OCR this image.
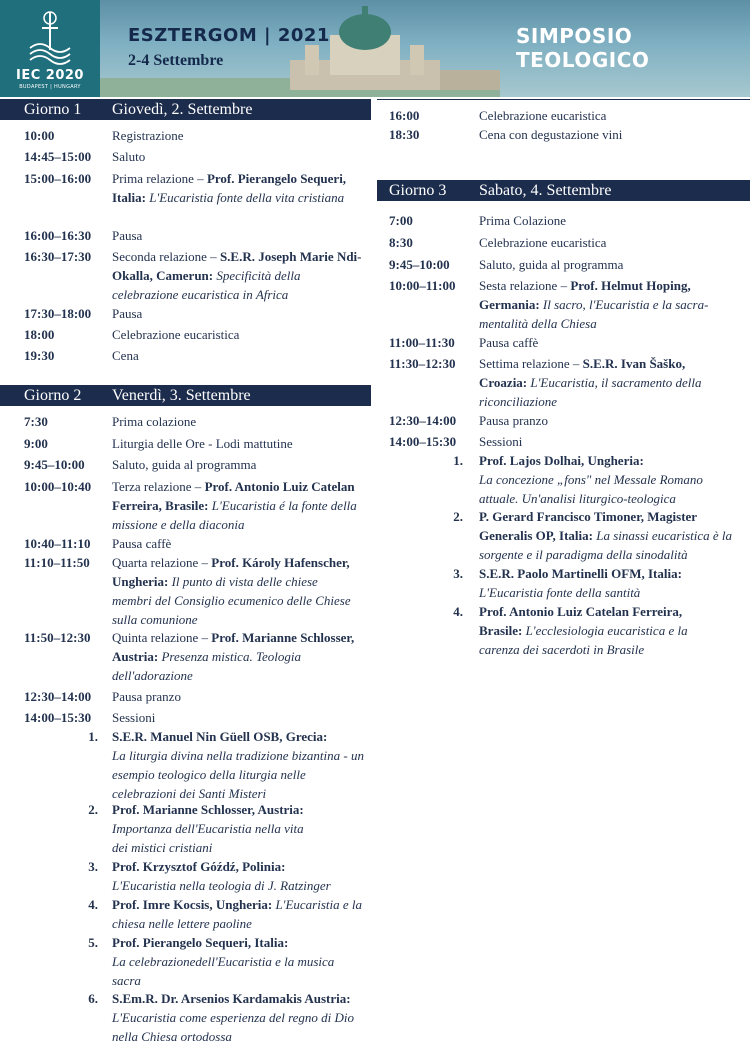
IEC 2020
BUDAPEST | HUNGARY
ESZTERGOM | 2021
2-4 Settembre
SIMPOSIO
TEOLOGICO
Giorno 1 Giovedì, 2. Settembre
10:00	Registrazione
14:45–15:00 Saluto
15:00–16:00 Prima relazione – Prof. Pierangelo Sequeri, Italia: L'Eucaristia fonte della vita cristiana
16:00–16:30 Pausa
16:30–17:30 Seconda relazione – S.E.R. Joseph Marie Ndi-Okalla, Camerun: Specificità della celebrazione eucaristica in Africa
17:30–18:00 Pausa
18:00	Celebrazione eucaristica
19:30	Cena
Giorno 2 Venerdì, 3. Settembre
7:30	Prima colazione
9:00	Liturgia delle Ore - Lodi mattutine
9:45–10:00 Saluto, guida al programma
10:00–10:40 Terza relazione – Prof. Antonio Luiz Catelan Ferreira, Brasile: L'Eucaristia é la fonte della missione e della diaconia
10:40–11:10 Pausa caffè
11:10–11:50 Quarta relazione – Prof. Károly Hafenscher, Ungheria: Il punto di vista delle chiese membri del Consiglio ecumenico delle Chiese sulla comunione
11:50–12:30 Quinta relazione – Prof. Marianne Schlosser, Austria: Presenza mistica. Teologia dell'adorazione
12:30–14:00 Pausa pranzo
14:00–15:30 Sessioni
1. S.E.R. Manuel Nin Güell OSB, Grecia:
La liturgia divina nella tradizione bizantina - un esempio teologico della liturgia nelle celebrazioni dei Santi Misteri
2. Prof. Marianne Schlosser, Austria:
Importanza dell'Eucaristia nella vita dei mistici cristiani
3. Prof. Krzysztof Góźdź, Polinia:
L'Eucaristia nella teologia di J. Ratzinger
4. Prof. Imre Kocsis, Ungheria: L'Eucaristia e la chiesa nelle lettere paoline
5. Prof. Pierangelo Sequeri, Italia:
La celebrazionedell'Eucaristia e la musica sacra
6. S.Em.R. Dr. Arsenios Kardamakis Austria:
L'Eucaristia come esperienza del regno di Dio nella Chiesa ortodossa
16:00	Celebrazione eucaristica
18:30	Cena con degustazione vini
Giorno 3 Sabato, 4. Settembre
7:00	Prima Colazione
8:30	Celebrazione eucaristica
9:45–10:00 Saluto, guida al programma
10:00–11:00 Sesta relazione – Prof. Helmut Hoping, Germania: Il sacro, l'Eucaristia e la sacra-mentalità della Chiesa
11:00–11:30 Pausa caffè
11:30–12:30 Settima relazione – S.E.R. Ivan Šaško, Croazia: L'Eucaristia, il sacramento della riconciliazione
12:30–14:00 Pausa pranzo
14:00–15:30 Sessioni
1. Prof. Lajos Dolhai, Ungheria:
La concezione „fons" nel Messale Romano attuale. Un'analisi liturgico-teologica
2. P. Gerard Francisco Timoner, Magister Generalis OP, Italia: La sinassi eucaristica è la sorgente e il paradigma della sinodalità
3. S.E.R. Paolo Martinelli OFM, Italia:
L'Eucaristia fonte della santità
4. Prof. Antonio Luiz Catelan Ferreira, Brasile: L'ecclesiologia eucaristica e la carenza dei sacerdoti in Brasile
